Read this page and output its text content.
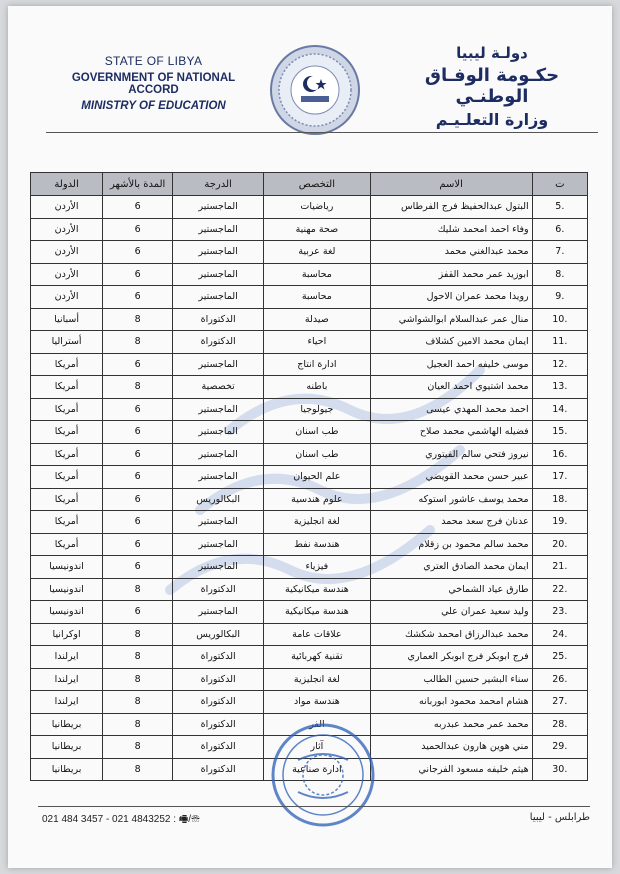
STATE OF LIBYA
GOVERNMENT OF NATIONAL ACCORD
MINISTRY OF EDUCATION
دولـة ليبيا
حكـومة الوفـاق الوطنـي
وزارة التعلـيـم
ت	الاسم	التخصص	الدرجة	المدة بالأشهر	الدولة
.5	البتول عبدالحفيظ فرج الفرطاس	رياضيات	الماجستير	6	الأردن
.6	وفاء احمد امحمد شليك	صحة مهنية	الماجستير	6	الأردن
.7	محمد عبدالغني محمد	لغة عربية	الماجستير	6	الأردن
.8	ابوزيد عمر محمد القفز	محاسبة	الماجستير	6	الأردن
.9	رويدا محمد عمران الاحول	محاسبة	الماجستير	6	الأردن
.10	منال عمر عبدالسلام ابوالشواشي	صيدلة	الدكتوراة	8	أسبانيا
.11	ايمان محمد الامين كشلاف	احياء	الدكتوراة	8	أستراليا
.12	موسى خليفه احمد العجيل	ادارة انتاج	الماجستير	6	أمريكا
.13	محمد اشتيوي احمد العيان	باطنه	تخصصية	8	أمريكا
.14	احمد محمد المهدي عيسى	جيولوجيا	الماجستير	6	أمريكا
.15	فضيله الهاشمي محمد صلاح	طب اسنان	الماجستير	6	أمريكا
.16	نيروز فتحي سالم الفيتوري	طب اسنان	الماجستير	6	أمريكا
.17	عبير حسن محمد القويضي	علم الحيوان	الماجستير	6	أمريكا
.18	محمد يوسف عاشور استوكه	علوم هندسية	البكالوريس	6	أمريكا
.19	عدنان فرج سعد محمد	لغة انجليزية	الماجستير	6	أمريكا
.20	محمد سالم محمود بن زقلام	هندسة نفط	الماجستير	6	أمريكا
.21	ايمان محمد الصادق العتري	فيزياء	الماجستير	6	اندونيسيا
.22	طارق عياد الشماخي	هندسة ميكانيكية	الدكتوراة	8	اندونيسيا
.23	وليد سعيد عمران علي	هندسة ميكانيكية	الماجستير	6	اندونيسيا
.24	محمد عبدالرزاق امحمد شكشك	علاقات عامة	البكالوريس	8	اوكرانيا
.25	فرج ابوبكر فرج ابوبكر العماري	تقنية كهربائية	الدكتوراة	8	ايرلندا
.26	سناء البشير حسين الطالب	لغة انجليزية	الدكتوراة	8	ايرلندا
.27	هشام امحمد محمود ابوربانه	هندسة مواد	الدكتوراة	8	ايرلندا
.28	محمد عمر محمد عبدربه	الفر	الدكتوراة	8	بريطانيا
.29	مني هوين هارون عبدالحميد	آثار	الدكتوراة	8	بريطانيا
.30	هيثم خليفه مسعود الفرجاني	ادارة صناعية	الدكتوراة	8	بريطانيا
021 484 3457 - 021 4843252 : 🖷/☏	طرابلس - ليبيا
